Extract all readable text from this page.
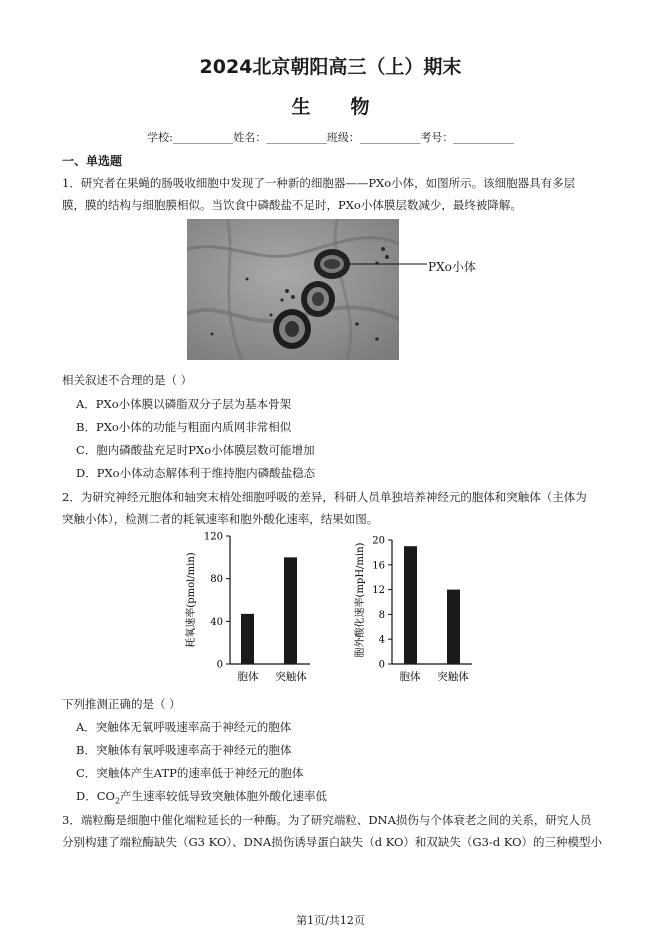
2024北京朝阳高三（上）期末
生物
学校:___________姓名：___________班级：___________考号：___________
一、单选题
1．研究者在果蝇的肠吸收细胞中发现了一种新的细胞器——PXo小体，如图所示。该细胞器具有多层
膜，膜的结构与细胞膜相似。当饮食中磷酸盐不足时，PXo小体膜层数减少，最终被降解。
PXo小体
相关叙述不合理的是（ ）
A．PXo小体膜以磷脂双分子层为基本骨架
B．PXo小体的功能与粗面内质网非常相似
C．胞内磷酸盐充足时PXo小体膜层数可能增加
D．PXo小体动态解体利于维持胞内磷酸盐稳态
2．为研究神经元胞体和轴突末梢处细胞呼吸的差异，科研人员单独培养神经元的胞体和突触体（主体为
突触小体），检测二者的耗氧速率和胞外酸化速率，结果如图。
0
40
80
120
耗氧速率(pmol/min)
胞体 突触体
0
4
8
12
16
20
胞外酸化速率(mpH/min)
胞体 突触体
下列推测正确的是（ ）
A．突触体无氧呼吸速率高于神经元的胞体
B．突触体有氧呼吸速率高于神经元的胞体
C．突触体产生ATP的速率低于神经元的胞体
D．$CO_2$产生速率较低导致突触体胞外酸化速率低
3．端粒酶是细胞中催化端粒延长的一种酶。为了研究端粒、DNA损伤与个体衰老之间的关系，研究人员
分别构建了端粒酶缺失（G3 KO）、DNA损伤诱导蛋白缺失（d KO）和双缺失（G3-d KO）的三种模型小
第1页/共12页
